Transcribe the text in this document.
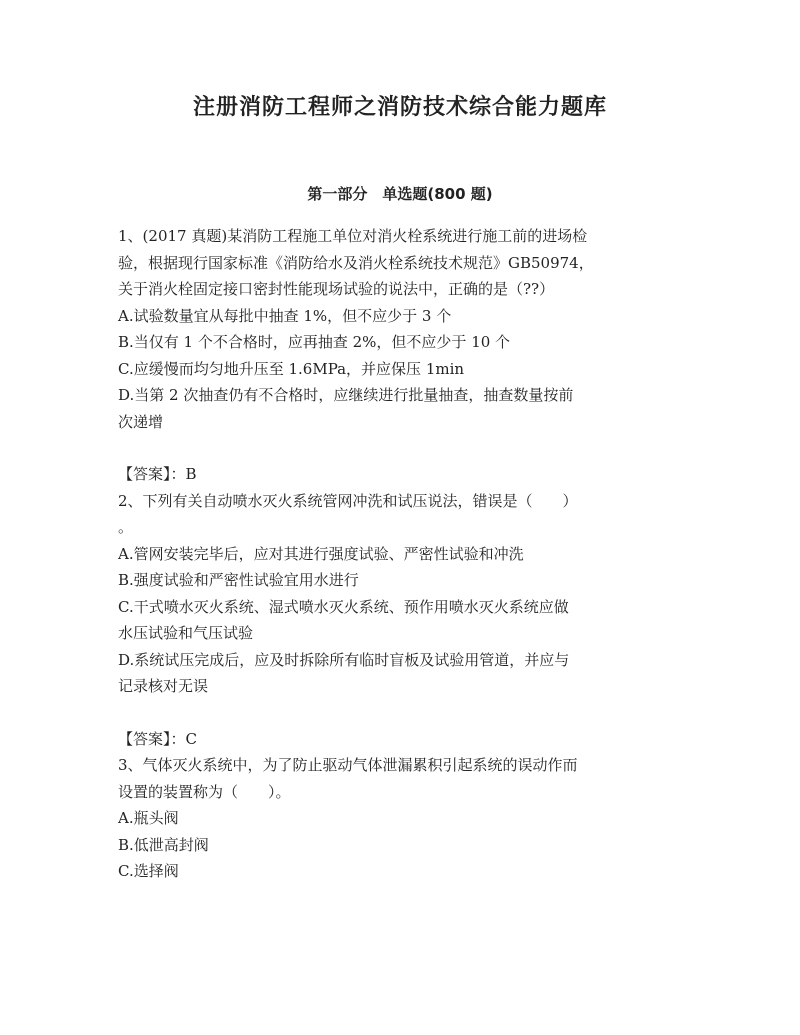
注册消防工程师之消防技术综合能力题库
第一部分　单选题(800 题)
1、(2017 真题)某消防工程施工单位对消火栓系统进行施工前的进场检
验，根据现行国家标准《消防给水及消火栓系统技术规范》GB50974，
关于消火栓固定接口密封性能现场试验的说法中，正确的是（??）
A.试验数量宜从每批中抽查 1%，但不应少于 3 个
B.当仅有 1 个不合格时，应再抽查 2%，但不应少于 10 个
C.应缓慢而均匀地升压至 1.6MPa，并应保压 1min
D.当第 2 次抽查仍有不合格时，应继续进行批量抽查，抽查数量按前
次递增
【答案】：B
2、下列有关自动喷水灭火系统管网冲洗和试压说法，错误是（　　）
。
A.管网安装完毕后，应对其进行强度试验、严密性试验和冲洗
B.强度试验和严密性试验宜用水进行
C.干式喷水灭火系统、湿式喷水灭火系统、预作用喷水灭火系统应做
水压试验和气压试验
D.系统试压完成后，应及时拆除所有临时盲板及试验用管道，并应与
记录核对无误
【答案】：C
3、气体灭火系统中，为了防止驱动气体泄漏累积引起系统的误动作而
设置的装置称为（　　）。
A.瓶头阀
B.低泄高封阀
C.选择阀
